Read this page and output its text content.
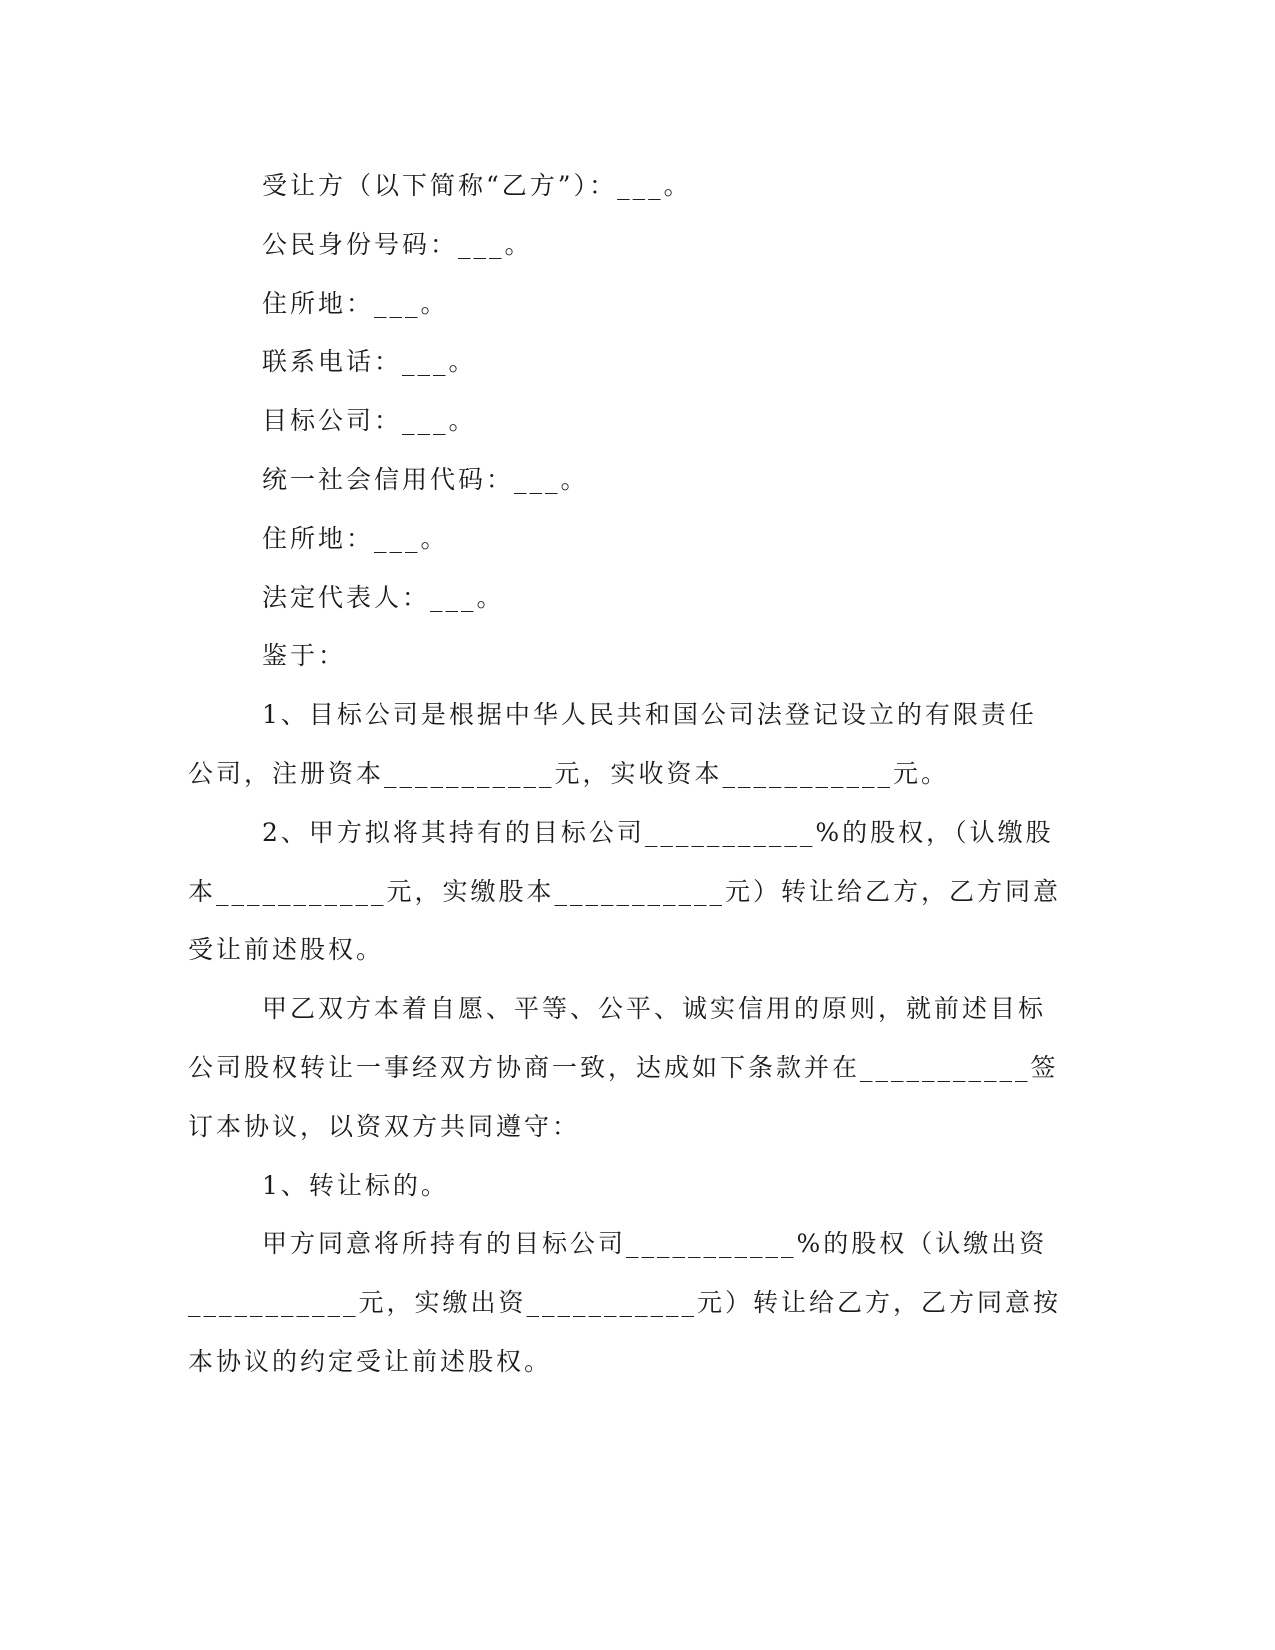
受让方（以下简称“乙方”）：___。
公民身份号码：___。
住所地：___。
联系电话：___。
目标公司：___。
统一社会信用代码：___。
住所地：___。
法定代表人：___。
鉴于：
1、目标公司是根据中华人民共和国公司法登记设立的有限责任
公司，注册资本___________元，实收资本___________元。
2、甲方拟将其持有的目标公司___________%的股权，（认缴股
本___________元，实缴股本___________元）转让给乙方，乙方同意
受让前述股权。
甲乙双方本着自愿、平等、公平、诚实信用的原则，就前述目标
公司股权转让一事经双方协商一致，达成如下条款并在___________签
订本协议，以资双方共同遵守：
1、转让标的。
甲方同意将所持有的目标公司___________%的股权（认缴出资
___________元，实缴出资___________元）转让给乙方，乙方同意按
本协议的约定受让前述股权。
